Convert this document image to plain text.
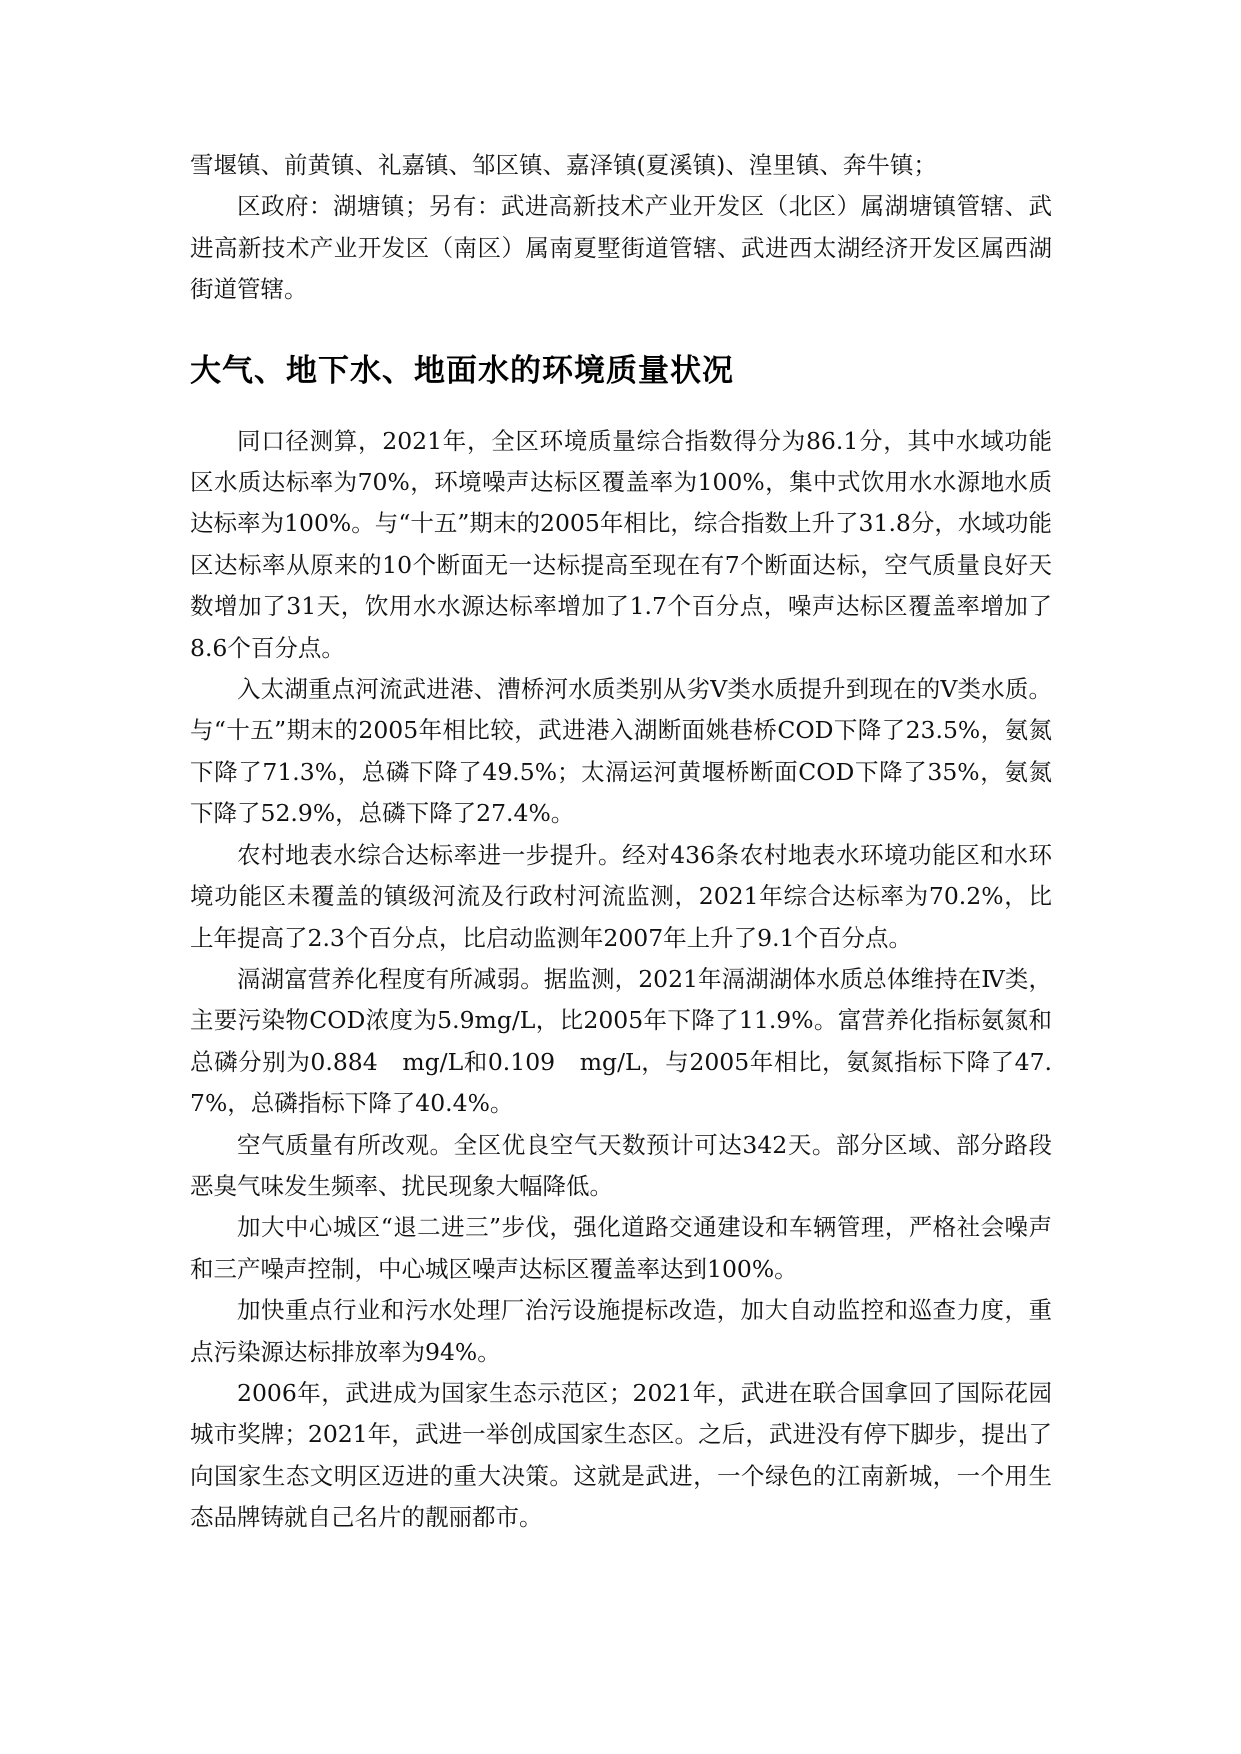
雪堰镇、前黄镇、礼嘉镇、邹区镇、嘉泽镇(夏溪镇)、湟里镇、奔牛镇；

区政府：湖塘镇；另有：武进高新技术产业开发区（北区）属湖塘镇管辖、武进高新技术产业开发区（南区）属南夏墅街道管辖、武进西太湖经济开发区属西湖街道管辖。

大气、地下水、地面水的环境质量状况

同口径测算，2021年，全区环境质量综合指数得分为86.1分，其中水域功能区水质达标率为70%，环境噪声达标区覆盖率为100%，集中式饮用水水源地水质达标率为100%。与“十五”期末的2005年相比，综合指数上升了31.8分，水域功能区达标率从原来的10个断面无一达标提高至现在有7个断面达标，空气质量良好天数增加了31天，饮用水水源达标率增加了1.7个百分点，噪声达标区覆盖率增加了8.6个百分点。

入太湖重点河流武进港、漕桥河水质类别从劣Ⅴ类水质提升到现在的Ⅴ类水质。与“十五”期末的2005年相比较，武进港入湖断面姚巷桥COD下降了23.5%，氨氮下降了71.3%，总磷下降了49.5%；太滆运河黄堰桥断面COD下降了35%，氨氮下降了52.9%，总磷下降了27.4%。

农村地表水综合达标率进一步提升。经对436条农村地表水环境功能区和水环境功能区未覆盖的镇级河流及行政村河流监测，2021年综合达标率为70.2%，比上年提高了2.3个百分点，比启动监测年2007年上升了9.1个百分点。

滆湖富营养化程度有所减弱。据监测，2021年滆湖湖体水质总体维持在Ⅳ类，主要污染物COD浓度为5.9mg/L，比2005年下降了11.9%。富营养化指标氨氮和总磷分别为0.884　mg/L和0.109　mg/L，与2005年相比，氨氮指标下降了47.7%，总磷指标下降了40.4%。

空气质量有所改观。全区优良空气天数预计可达342天。部分区域、部分路段恶臭气味发生频率、扰民现象大幅降低。

加大中心城区“退二进三”步伐，强化道路交通建设和车辆管理，严格社会噪声和三产噪声控制，中心城区噪声达标区覆盖率达到100%。

加快重点行业和污水处理厂治污设施提标改造，加大自动监控和巡查力度，重点污染源达标排放率为94%。

2006年，武进成为国家生态示范区；2021年，武进在联合国拿回了国际花园城市奖牌；2021年，武进一举创成国家生态区。之后，武进没有停下脚步，提出了向国家生态文明区迈进的重大决策。这就是武进，一个绿色的江南新城，一个用生态品牌铸就自己名片的靓丽都市。
